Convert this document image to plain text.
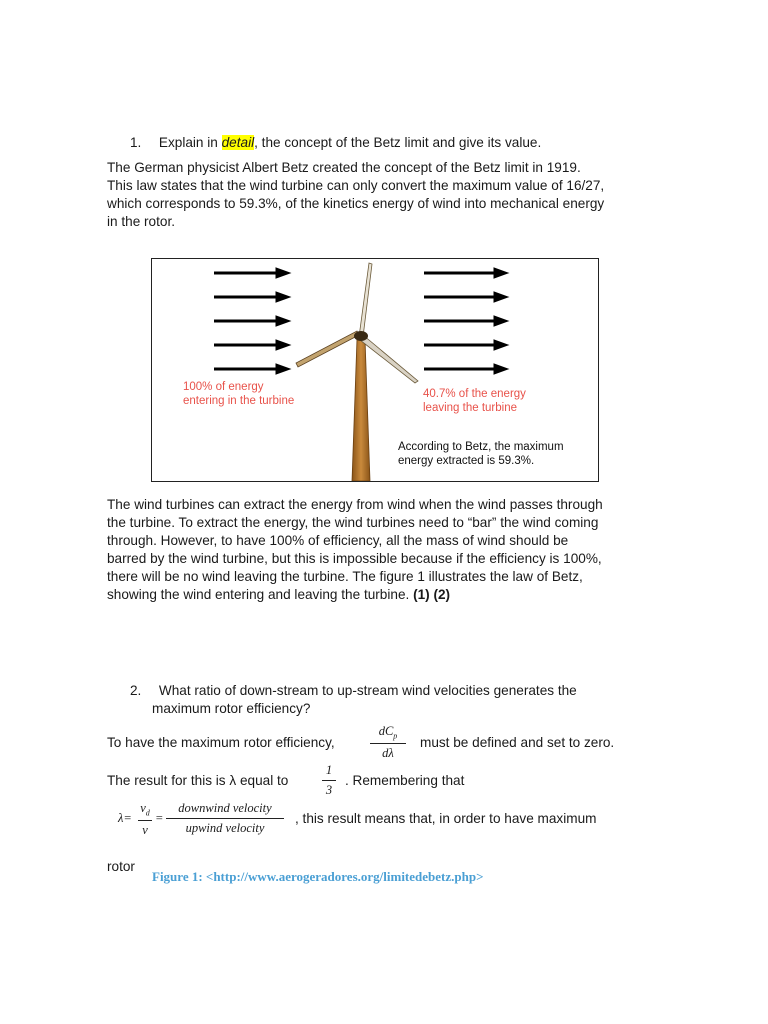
1. Explain in detail, the concept of the Betz limit and give its value.

The German physicist Albert Betz created the concept of the Betz limit in 1919.

This law states that the wind turbine can only convert the maximum value of 16/27,

which corresponds to 59.3%, of the kinetics energy of wind into mechanical energy

in the rotor.

100% of energy
entering in the turbine
40.7% of the energy
leaving the turbine
According to Betz, the maximum
energy extracted is 59.3%.

The wind turbines can extract the energy from wind when the wind passes through

the turbine. To extract the energy, the wind turbines need to “bar” the wind coming

through. However, to have 100% of efficiency, all the mass of wind should be

barred by the wind turbine, but this is impossible because if the efficiency is 100%,

there will be no wind leaving the turbine. The figure 1 illustrates the law of Betz,

showing the wind entering and leaving the turbine. (1) (2)

2. What ratio of down-stream to up-stream wind velocities generates the
maximum rotor efficiency?
To have the maximum rotor efficiency,
$dC_p$
dλ
must be defined and set to zero.
The result for this is λ equal to
1
3
. Remembering that
λ=
$v_d$
v
=
downwind velocity
upwind velocity
, this result means that, in order to have maximum
rotor
Figure 1: <http://www.aerogeradores.org/limitedebetz.php>
